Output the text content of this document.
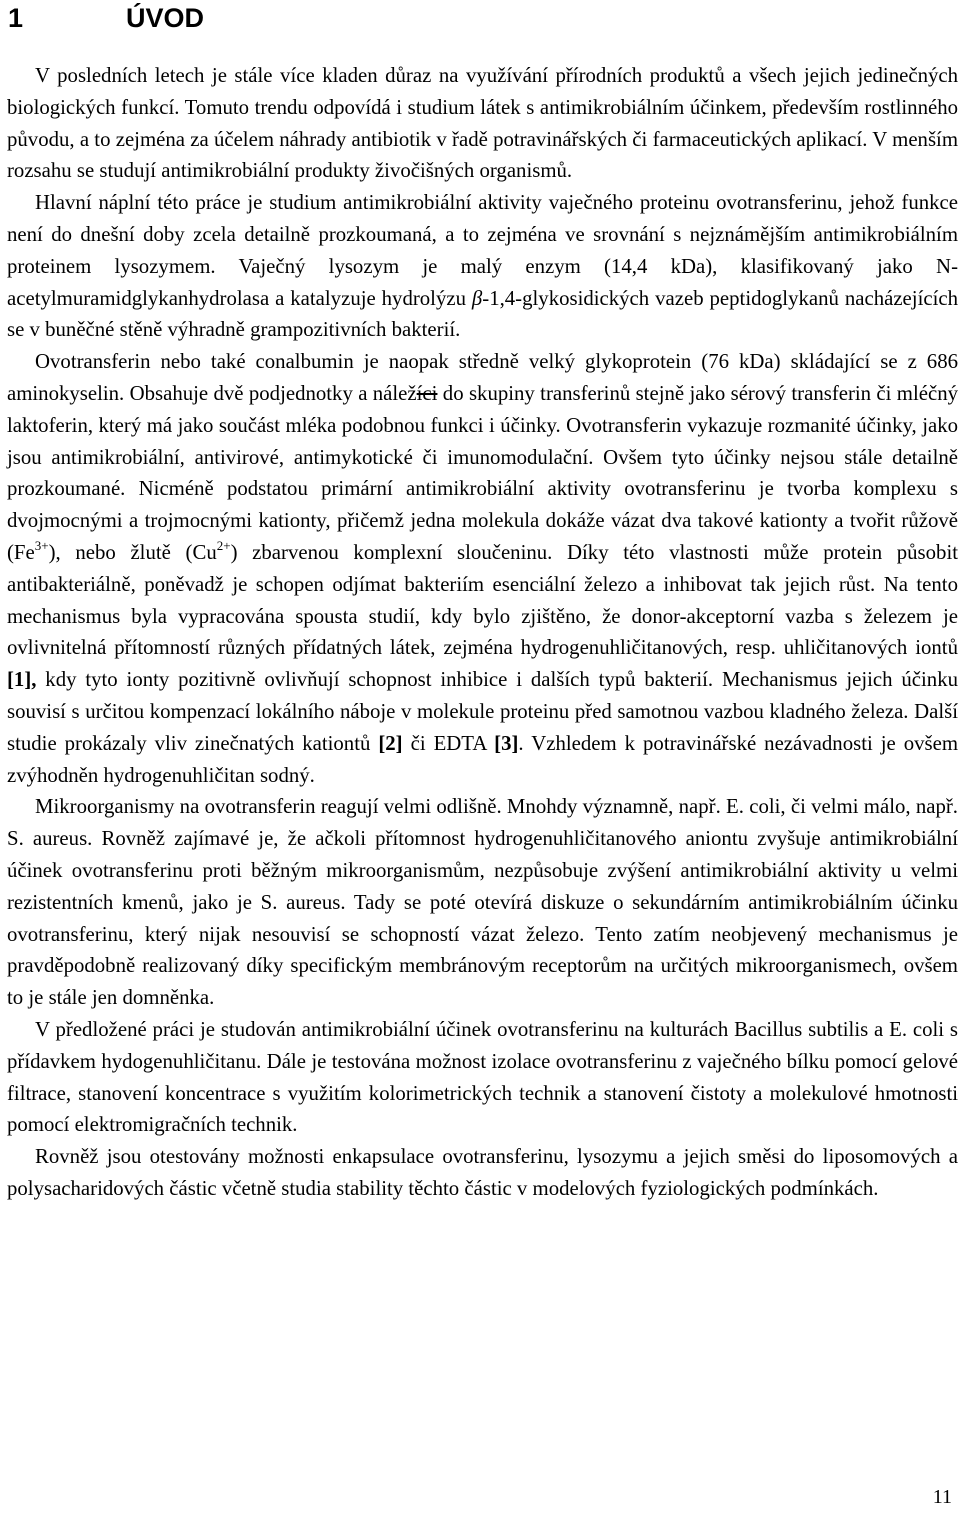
1	ÚVOD

V posledních letech je stále více kladen důraz na využívání přírodních produktů a všech jejich jedinečných biologických funkcí. Tomuto trendu odpovídá i studium látek s antimikrobiálním účinkem, především rostlinného původu, a to zejména za účelem náhrady antibiotik v řadě potravinářských či farmaceutických aplikací. V menším rozsahu se studují antimikrobiální produkty živočišných organismů.

Hlavní náplní této práce je studium antimikrobiální aktivity vaječného proteinu ovotransferinu, jehož funkce není do dnešní doby zcela detailně prozkoumaná, a to zejména ve srovnání s nejznámějším antimikrobiálním proteinem lysozymem. Vaječný lysozym je malý enzym (14,4 kDa), klasifikovaný jako N-acetylmuramidglykanhydrolasa a katalyzuje hydrolýzu β-1,4-glykosidických vazeb peptidoglykanů nacházejících se v buněčné stěně výhradně grampozitivních bakterií.

Ovotransferin nebo také conalbumin je naopak středně velký glykoprotein (76 kDa) skládající se z 686 aminokyselin. Obsahuje dvě podjednotky a náležíci do skupiny transferinů stejně jako sérový transferin či mléčný laktoferin, který má jako součást mléka podobnou funkci i účinky. Ovotransferin vykazuje rozmanité účinky, jako jsou antimikrobiální, antivirové, antimykotické či imunomodulační. Ovšem tyto účinky nejsou stále detailně prozkoumané. Nicméně podstatou primární antimikrobiální aktivity ovotransferinu je tvorba komplexu s dvojmocnými a trojmocnými kationty, přičemž jedna molekula dokáže vázat dva takové kationty a tvořit růžově $(Fe^{3+})$, nebo žlutě $(Cu^{2+})$ zbarvenou komplexní sloučeninu. Díky této vlastnosti může protein působit antibakteriálně, poněvadž je schopen odjímat bakteriím esenciální železo a inhibovat tak jejich růst. Na tento mechanismus byla vypracována spousta studií, kdy bylo zjištěno, že donor-akceptorní vazba s železem je ovlivnitelná přítomností různých přídatných látek, zejména hydrogenuhličitanových, resp. uhličitanových iontů [1], kdy tyto ionty pozitivně ovlivňují schopnost inhibice i dalších typů bakterií. Mechanismus jejich účinku souvisí s určitou kompenzací lokálního náboje v molekule proteinu před samotnou vazbou kladného železa. Další studie prokázaly vliv zinečnatých kationtů [2] či EDTA [3]. Vzhledem k potravinářské nezávadnosti je ovšem zvýhodněn hydrogenuhličitan sodný.

Mikroorganismy na ovotransferin reagují velmi odlišně. Mnohdy významně, např. E. coli, či velmi málo, např. S. aureus. Rovněž zajímavé je, že ačkoli přítomnost hydrogenuhličitanového aniontu zvyšuje antimikrobiální účinek ovotransferinu proti běžným mikroorganismům, nezpůsobuje zvýšení antimikrobiální aktivity u velmi rezistentních kmenů, jako je S. aureus. Tady se poté otevírá diskuze o sekundárním antimikrobiálním účinku ovotransferinu, který nijak nesouvisí se schopností vázat železo. Tento zatím neobjevený mechanismus je pravděpodobně realizovaný díky specifickým membránovým receptorům na určitých mikroorganismech, ovšem to je stále jen domněnka.

V předložené práci je studován antimikrobiální účinek ovotransferinu na kulturách Bacillus subtilis a E. coli s přídavkem hydogenuhličitanu. Dále je testována možnost izolace ovotransferinu z vaječného bílku pomocí gelové filtrace, stanovení koncentrace s využitím kolorimetrických technik a stanovení čistoty a molekulové hmotnosti pomocí elektromigračních technik.

Rovněž jsou otestovány možnosti enkapsulace ovotransferinu, lysozymu a jejich směsi do liposomových a polysacharidových částic včetně studia stability těchto částic v modelových fyziologických podmínkách.

11
